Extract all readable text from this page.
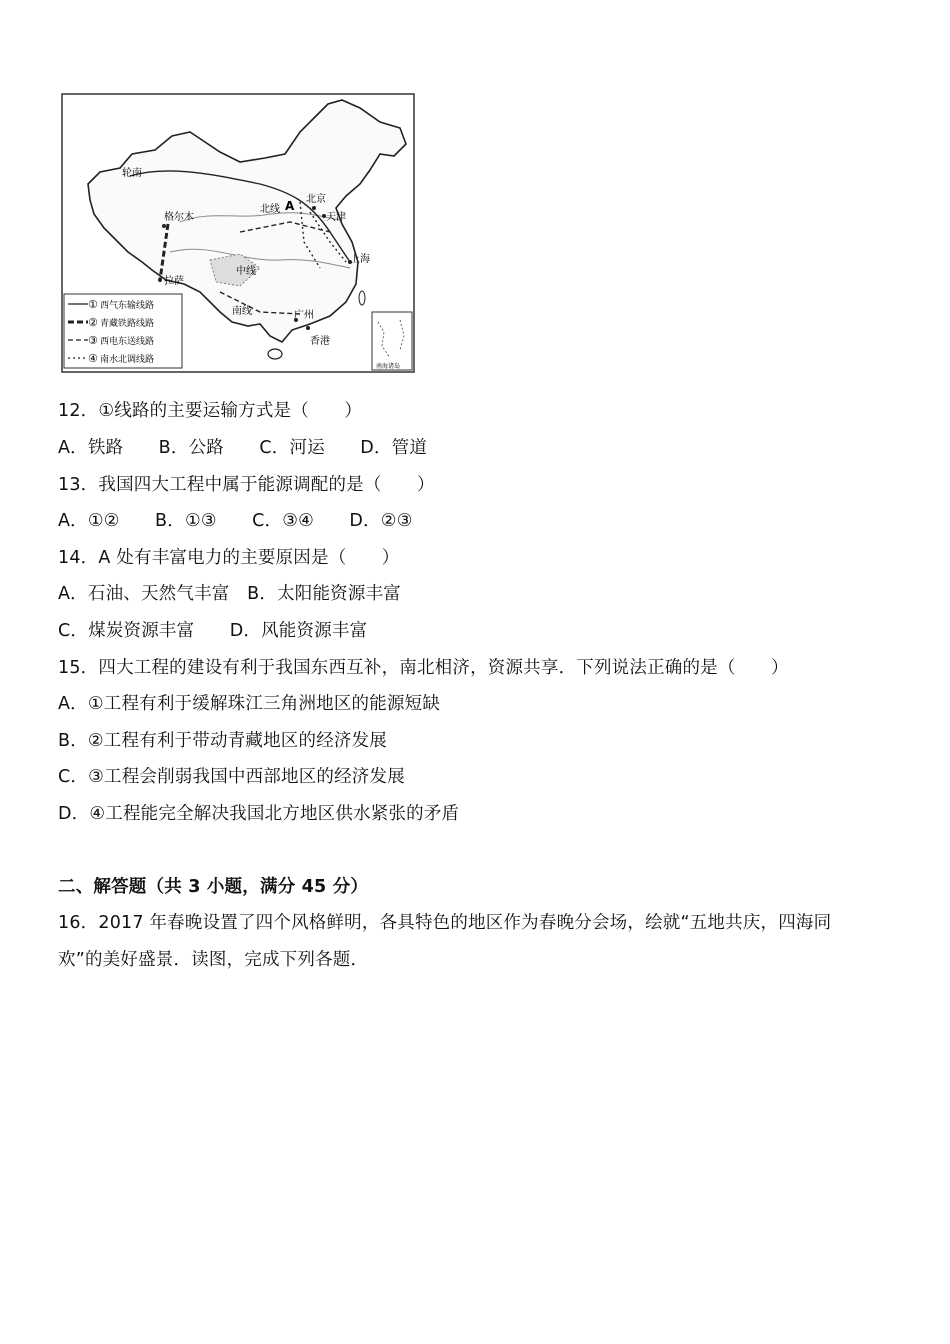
轮南
格尔木
拉萨
北线 A 北京
天津
上海
中线
南线	广州
香港
① 西气东输线路
② 青藏铁路线路
③ 西电东送线路
④ 南水北调线路
南海诸岛
12．①线路的主要运输方式是（　　）
A．铁路　　B．公路　　C．河运　　D．管道
13．我国四大工程中属于能源调配的是（　　）
A．①②　　B．①③　　C．③④　　D．②③
14．A 处有丰富电力的主要原因是（　　）
A．石油、天然气丰富　B．太阳能资源丰富
C．煤炭资源丰富　　D．风能资源丰富
15．四大工程的建设有利于我国东西互补，南北相济，资源共享．下列说法正确的是（　　）
A．①工程有利于缓解珠江三角洲地区的能源短缺
B．②工程有利于带动青藏地区的经济发展
C．③工程会削弱我国中西部地区的经济发展
D．④工程能完全解决我国北方地区供水紧张的矛盾
二、解答题（共 3 小题，满分 45 分）
16．2017 年春晚设置了四个风格鲜明，各具特色的地区作为春晚分会场，绘就“五地共庆，四海同
欢”的美好盛景．读图，完成下列各题．
